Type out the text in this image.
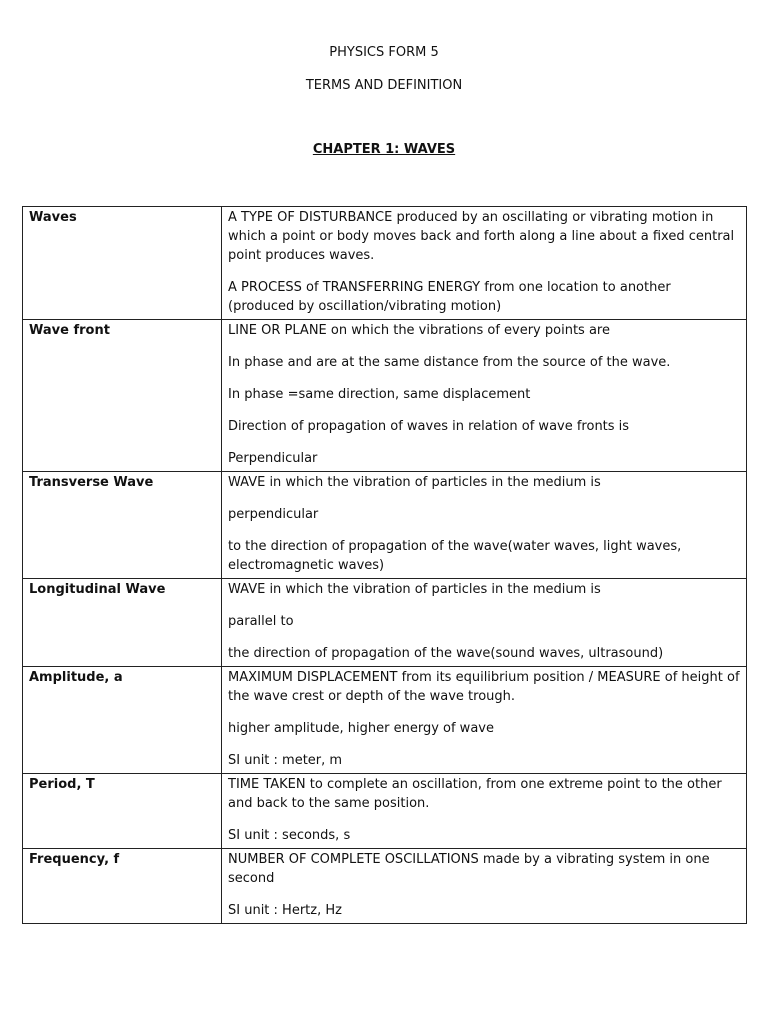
PHYSICS FORM 5
TERMS AND DEFINITION
CHAPTER 1: WAVES
Waves	A TYPE OF DISTURBANCE produced by an oscillating or vibrating motion in which a point or body moves back and forth along a line about a fixed central point produces waves.

A PROCESS of TRANSFERRING ENERGY from one location to another (produced by oscillation/vibrating motion)

Wave front	LINE OR PLANE on which the vibrations of every points are

In phase and are at the same distance from the source of the wave.

In phase =same direction, same displacement

Direction of propagation of waves in relation of wave fronts is

Perpendicular

Transverse Wave	WAVE in which the vibration of particles in the medium is

perpendicular

to the direction of propagation of the wave(water waves, light waves, electromagnetic waves)

Longitudinal Wave	WAVE in which the vibration of particles in the medium is

parallel to

the direction of propagation of the wave(sound waves, ultrasound)

Amplitude, a	MAXIMUM DISPLACEMENT from its equilibrium position / MEASURE of height of the wave crest or depth of the wave trough.

higher amplitude, higher energy of wave

SI unit : meter, m

Period, T	TIME TAKEN to complete an oscillation, from one extreme point to the other and back to the same position.

SI unit : seconds, s

Frequency, f	NUMBER OF COMPLETE OSCILLATIONS made by a vibrating system in one second

SI unit : Hertz, Hz
